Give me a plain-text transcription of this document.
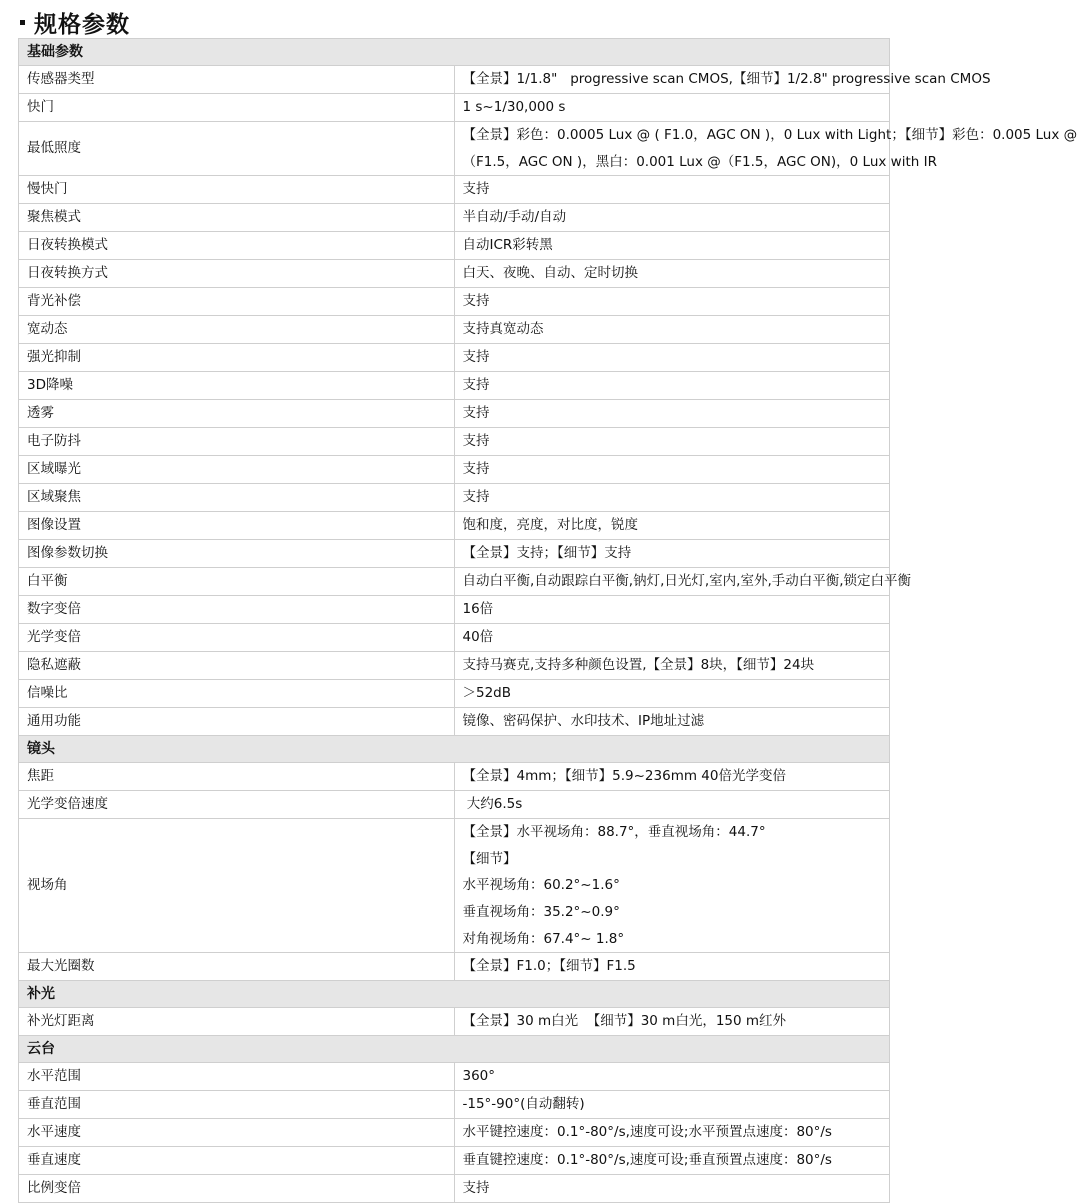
规格参数
基础参数	
传感器类型	【全景】1/1.8"   progressive scan CMOS,【细节】1/2.8" progressive scan CMOS
快门	1 s~1/30,000 s
最低照度	【全景】彩色：0.0005 Lux @ ( F1.0，AGC ON )，0 Lux with Light；【细节】彩色：0.005 Lux @
（F1.5，AGC ON )，黑白：0.001 Lux @（F1.5，AGC ON)，0 Lux with IR

慢快门	支持
聚焦模式	半自动/手动/自动
日夜转换模式	自动ICR彩转黑
日夜转换方式	白天、夜晚、自动、定时切换
背光补偿	支持
宽动态	支持真宽动态
强光抑制	支持
3D降噪	支持
透雾	支持
电子防抖	支持
区域曝光	支持
区域聚焦	支持
图像设置	饱和度，亮度，对比度，锐度
图像参数切换	【全景】支持；【细节】支持
白平衡	自动白平衡,自动跟踪白平衡,钠灯,日光灯,室内,室外,手动白平衡,锁定白平衡
数字变倍	16倍
光学变倍	40倍
隐私遮蔽	支持马赛克,支持多种颜色设置,【全景】8块，【细节】24块
信噪比	＞52dB
通用功能	镜像、密码保护、水印技术、IP地址过滤
镜头	
焦距	【全景】4mm；【细节】5.9~236mm 40倍光学变倍
光学变倍速度	大约6.5s
视场角	【全景】水平视场角：88.7°，垂直视场角：44.7°
【细节】
水平视场角：60.2°~1.6°
垂直视场角：35.2°~0.9°
对角视场角：67.4°~ 1.8°

最大光圈数	【全景】F1.0；【细节】F1.5
补光	
补光灯距离	【全景】30 m白光  【细节】30 m白光，150 m红外
云台	
水平范围	360°
垂直范围	-15°-90°(自动翻转)
水平速度	水平键控速度：0.1°-80°/s,速度可设;水平预置点速度：80°/s
垂直速度	垂直键控速度：0.1°-80°/s,速度可设;垂直预置点速度：80°/s
比例变倍	支持
